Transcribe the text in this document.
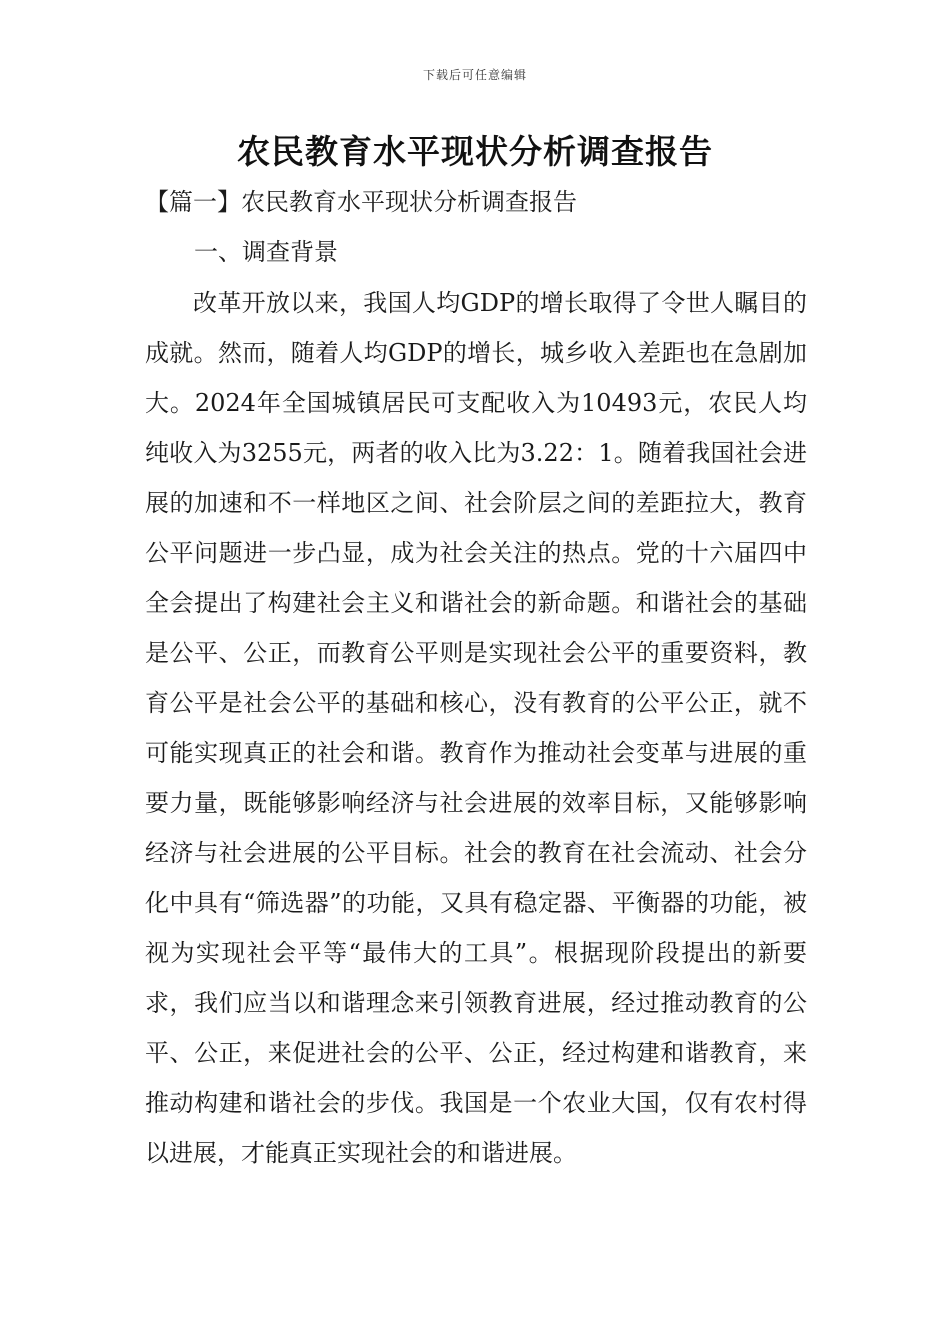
下载后可任意编辑
农民教育水平现状分析调查报告

【篇一】农民教育水平现状分析调查报告

一、调查背景

改革开放以来，我国人均GDP的增长取得了令世人瞩目的成就。然而，随着人均GDP的增长，城乡收入差距也在急剧加大。2024年全国城镇居民可支配收入为10493元，农民人均纯收入为3255元，两者的收入比为3.22：1。随着我国社会进展的加速和不一样地区之间、社会阶层之间的差距拉大，教育公平问题进一步凸显，成为社会关注的热点。党的十六届四中全会提出了构建社会主义和谐社会的新命题。和谐社会的基础是公平、公正，而教育公平则是实现社会公平的重要资料，教育公平是社会公平的基础和核心，没有教育的公平公正，就不可能实现真正的社会和谐。教育作为推动社会变革与进展的重要力量，既能够影响经济与社会进展的效率目标，又能够影响经济与社会进展的公平目标。社会的教育在社会流动、社会分化中具有“筛选器”的功能，又具有稳定器、平衡器的功能，被视为实现社会平等“最伟大的工具”。根据现阶段提出的新要求，我们应当以和谐理念来引领教育进展，经过推动教育的公平、公正，来促进社会的公平、公正，经过构建和谐教育，来推动构建和谐社会的步伐。我国是一个农业大国，仅有农村得以进展，才能真正实现社会的和谐进展。
